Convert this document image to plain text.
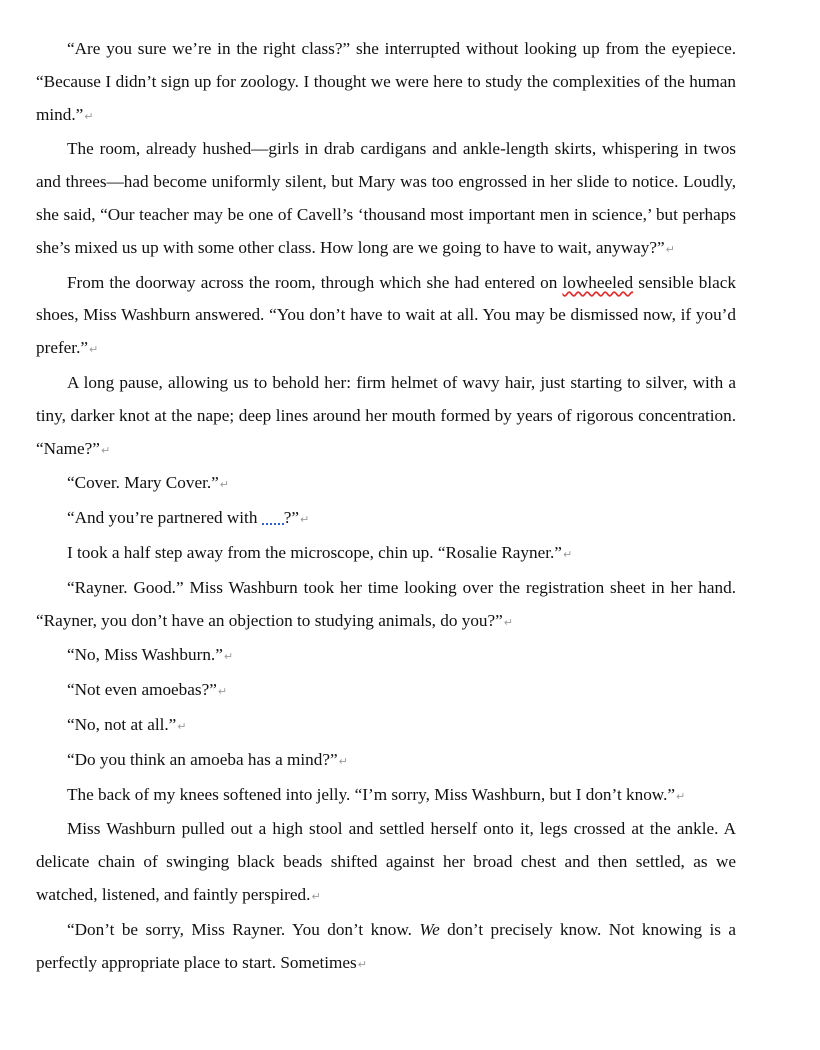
“Are you sure we’re in the right class?” she interrupted without looking up from the eyepiece. “Because I didn’t sign up for zoology. I thought we were here to study the complexities of the human mind.”↵

The room, already hushed—girls in drab cardigans and ankle-length skirts, whispering in twos and threes—had become uniformly silent, but Mary was too engrossed in her slide to notice. Loudly, she said, “Our teacher may be one of Cavell’s ‘thousand most important men in science,’ but perhaps she’s mixed us up with some other class. How long are we going to have to wait, anyway?”↵

From the doorway across the room, through which she had entered on lowheeled sensible black shoes, Miss Washburn answered. “You don’t have to wait at all. You may be dismissed now, if you’d prefer.”↵

A long pause, allowing us to behold her: firm helmet of wavy hair, just starting to silver, with a tiny, darker knot at the nape; deep lines around her mouth formed by years of rigorous concentration. “Name?”↵

“Cover. Mary Cover.”↵

“And you’re partnered with ?”↵

I took a half step away from the microscope, chin up. “Rosalie Rayner.”↵

“Rayner. Good.” Miss Washburn took her time looking over the registration sheet in her hand. “Rayner, you don’t have an objection to studying animals, do you?”↵

“No, Miss Washburn.”↵

“Not even amoebas?”↵

“No, not at all.”↵

“Do you think an amoeba has a mind?”↵

The back of my knees softened into jelly. “I’m sorry, Miss Washburn, but I don’t know.”↵

Miss Washburn pulled out a high stool and settled herself onto it, legs crossed at the ankle. A delicate chain of swinging black beads shifted against her broad chest and then settled, as we watched, listened, and faintly perspired.↵

“Don’t be sorry, Miss Rayner. You don’t know. We don’t precisely know. Not knowing is a perfectly appropriate place to start. Sometimes↵
